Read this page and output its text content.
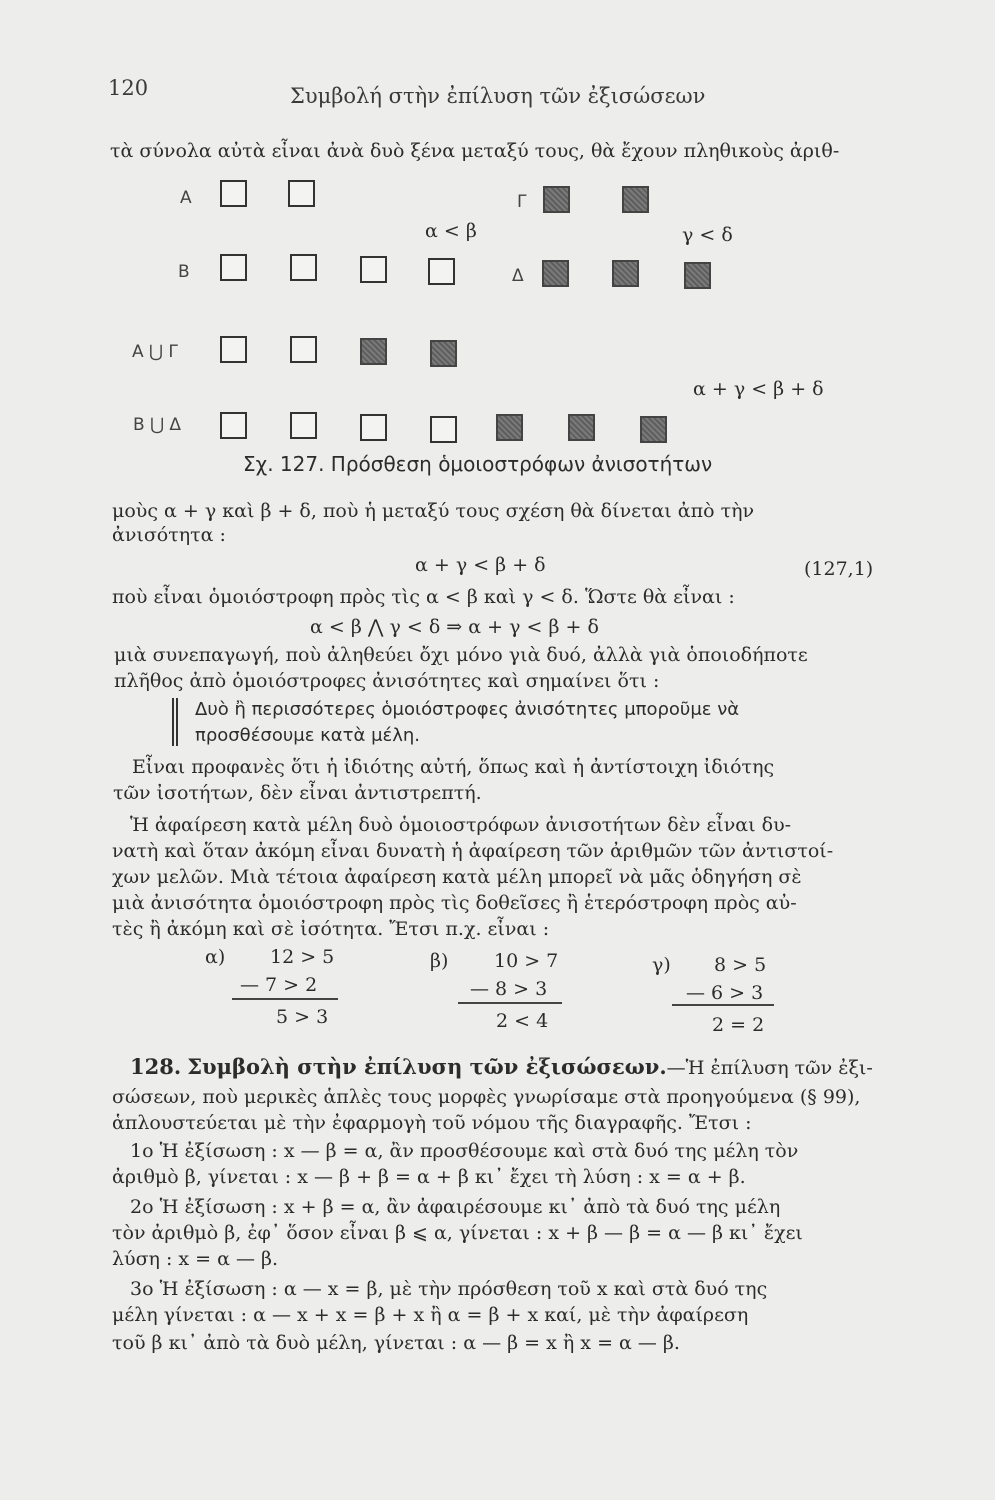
120	Συμβολή στὴν ἐπίλυση τῶν ἐξισώσεων
τὰ σύνολα αὐτὰ εἶναι ἀνὰ δυὸ ξένα μεταξύ τους, θὰ ἔχουν πληθικοὺς ἀριθ-
Α	Γ
α < β	γ < δ
Β	Δ
Α ⋃ Γ
α + γ < β + δ
Β ⋃ Δ
Σχ. 127. Πρόσθεση ὁμοιοστρόφων ἀνισοτήτων
μοὺς α + γ καὶ β + δ, ποὺ ἡ μεταξύ τους σχέση θὰ δίνεται ἀπὸ τὴν
ἀνισότητα :
α + γ < β + δ	(127,1)
ποὺ εἶναι ὁμοιόστροφη πρὸς τὶς α < β καὶ γ < δ. Ὥστε θὰ εἶναι :
α < β ⋀ γ < δ ⇒ α + γ < β + δ
μιὰ συνεπαγωγή, ποὺ ἀληθεύει ὄχι μόνο γιὰ δυό, ἀλλὰ γιὰ ὁποιοδήποτε
πλῆθος ἀπὸ ὁμοιόστροφες ἀνισότητες καὶ σημαίνει ὅτι :
Δυὸ ἢ περισσότερες ὁμοιόστροφες ἀνισότητες μποροῦμε νὰ
προσθέσουμε κατὰ μέλη.
Εἶναι προφανὲς ὅτι ἡ ἰδιότης αὐτή, ὅπως καὶ ἡ ἀντίστοιχη ἰδιότης
τῶν ἰσοτήτων, δὲν εἶναι ἀντιστρεπτή.
Ἡ ἀφαίρεση κατὰ μέλη δυὸ ὁμοιοστρόφων ἀνισοτήτων δὲν εἶναι δυ-
νατὴ καὶ ὅταν ἀκόμη εἶναι δυνατὴ ἡ ἀφαίρεση τῶν ἀριθμῶν τῶν ἀντιστοί-
χων μελῶν. Μιὰ τέτοια ἀφαίρεση κατὰ μέλη μπορεῖ νὰ μᾶς ὁδηγήση σὲ
μιὰ ἀνισότητα ὁμοιόστροφη πρὸς τὶς δοθεῖσες ἢ ἑτερόστροφη πρὸς αὐ-
τὲς ἢ ἀκόμη καὶ σὲ ἰσότητα. Ἔτσι π.χ. εἶναι :
α) 12 > 5
— 7 > 2
5 > 3
β) 10 > 7
— 8 > 3
2 < 4
γ) 8 > 5
— 6 > 3
2 = 2
128. Συμβολὴ στὴν ἐπίλυση τῶν ἐξισώσεων.—Ἡ ἐπίλυση τῶν ἐξι-
σώσεων, ποὺ μερικὲς ἁπλὲς τους μορφὲς γνωρίσαμε στὰ προηγούμενα (§ 99),
ἁπλουστεύεται μὲ τὴν ἐφαρμογὴ τοῦ νόμου τῆς διαγραφῆς. Ἔτσι :
1ο Ἡ ἐξίσωση : x — β = α, ἂν προσθέσουμε καὶ στὰ δυό της μέλη τὸν
ἀριθμὸ β, γίνεται : x — β + β = α + β κι᾽ ἔχει τὴ λύση : x = α + β.
2ο Ἡ ἐξίσωση : x + β = α, ἂν ἀφαιρέσουμε κι᾽ ἀπὸ τὰ δυό της μέλη
τὸν ἀριθμὸ β, ἐφ᾽ ὅσον εἶναι β ⩽ α, γίνεται : x + β — β = α — β κι᾽ ἔχει
λύση : x = α — β.
3ο Ἡ ἐξίσωση : α — x = β, μὲ τὴν πρόσθεση τοῦ x καὶ στὰ δυό της
μέλη γίνεται : α — x + x = β + x ἢ α = β + x καί, μὲ τὴν ἀφαίρεση
τοῦ β κι᾽ ἀπὸ τὰ δυὸ μέλη, γίνεται : α — β = x ἢ x = α — β.
